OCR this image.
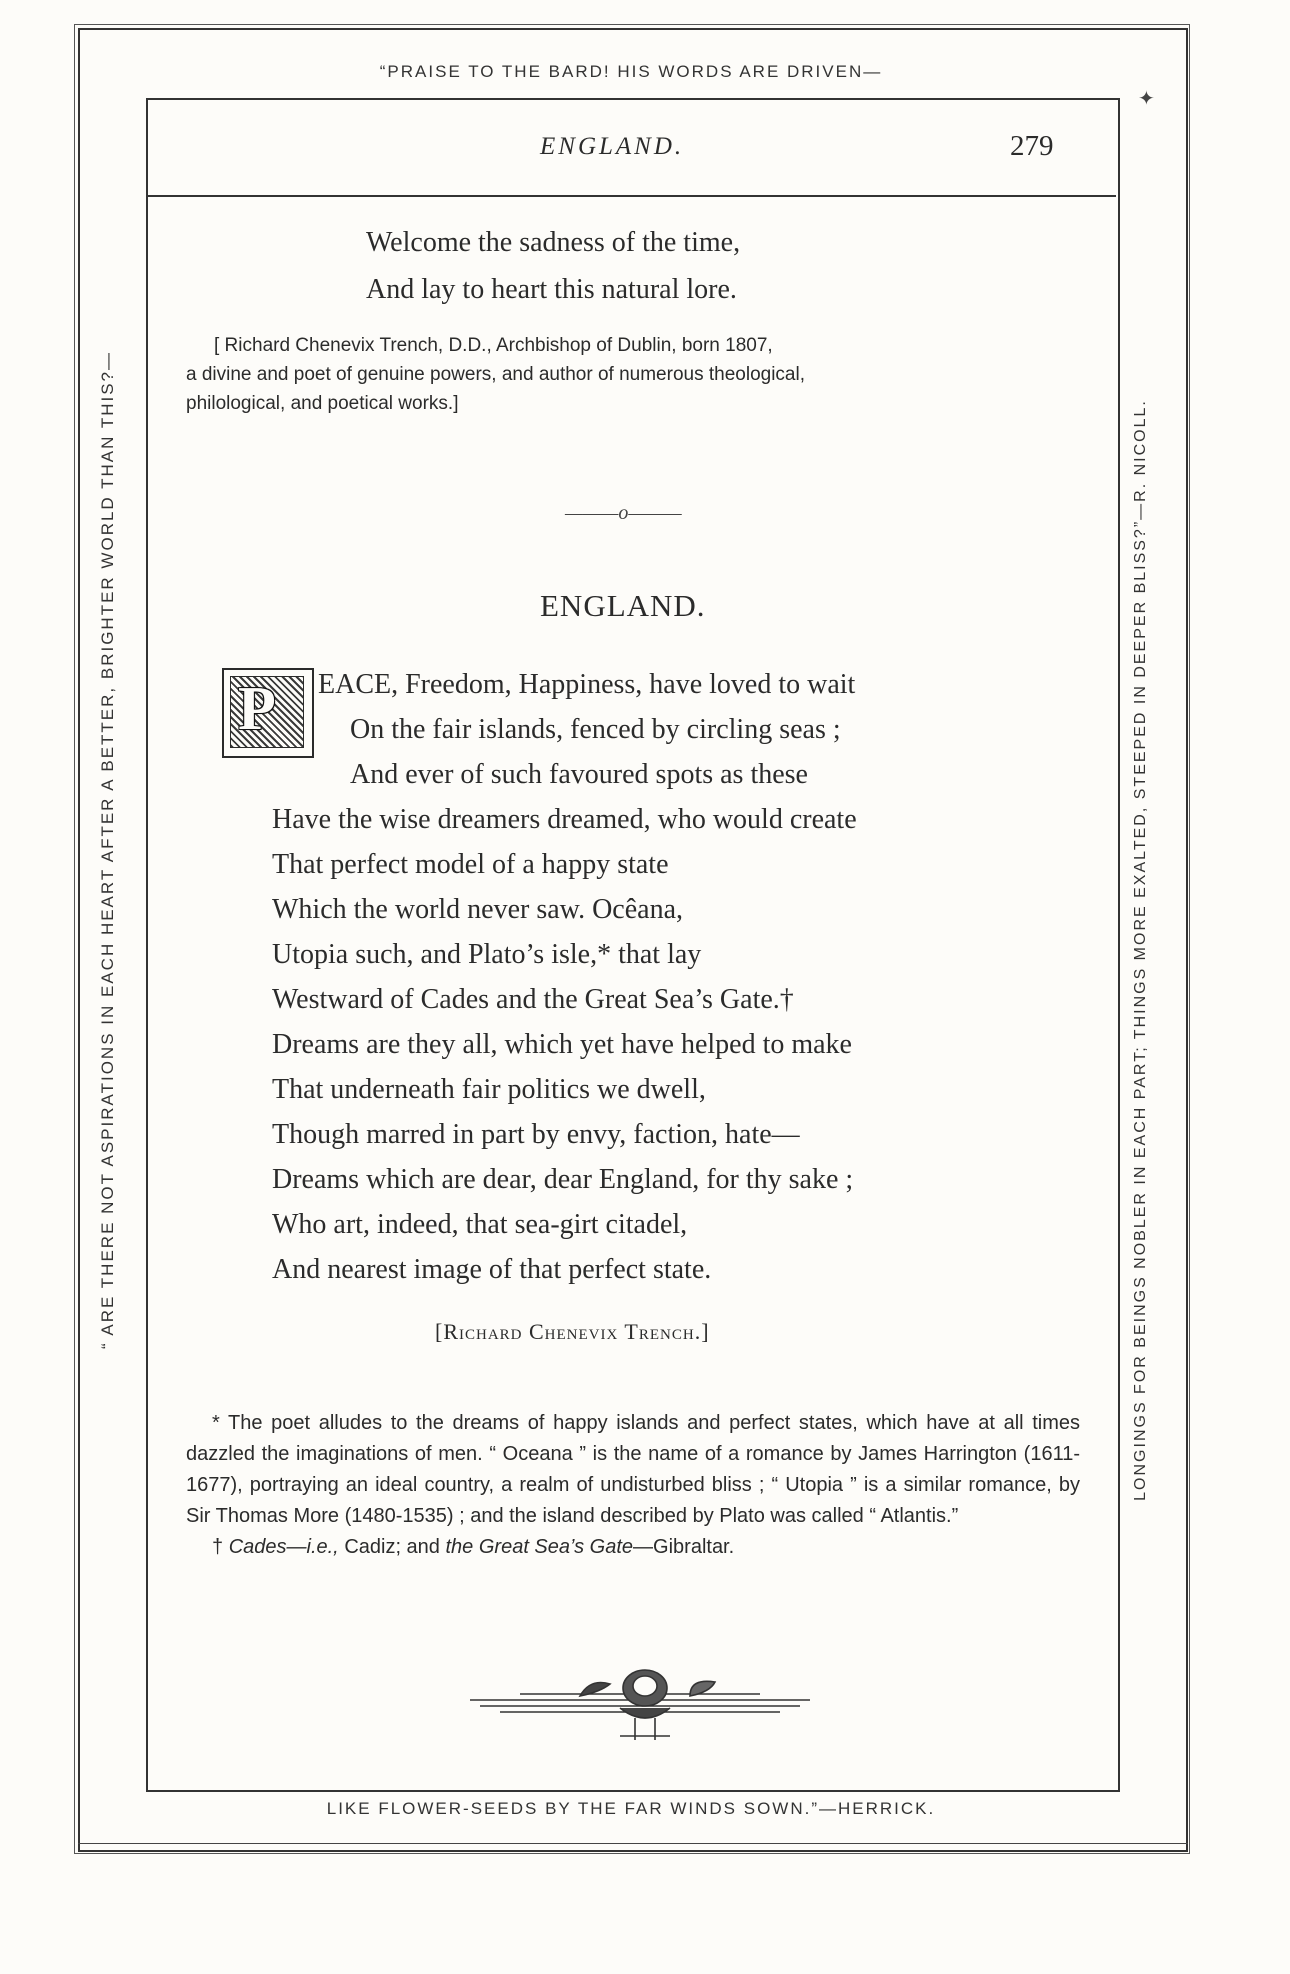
“PRAISE TO THE BARD! HIS WORDS ARE DRIVEN—
LIKE FLOWER-SEEDS BY THE FAR WINDS SOWN.”—HERRICK.
“ ARE THERE NOT ASPIRATIONS IN EACH HEART AFTER A BETTER, BRIGHTER WORLD THAN THIS?—	LONGINGS FOR BEINGS NOBLER IN EACH PART; THINGS MORE EXALTED, STEEPED IN DEEPER BLISS?”—R. NICOLL.
✦
ENGLAND.	279
Welcome the sadness of the time,
And lay to heart this natural lore.
[ Richard Chenevix Trench, D.D., Archbishop of Dublin, born 1807,
a divine and poet of genuine powers, and author of numerous theological,
philological, and poetical works.]
———o———
ENGLAND.
P EACE, Freedom, Happiness, have loved to wait
On the fair islands, fenced by circling seas ;
And ever of such favoured spots as these
Have the wise dreamers dreamed, who would create
That perfect model of a happy state
Which the world never saw. Ocêana,
Utopia such, and Plato’s isle,* that lay
Westward of Cades and the Great Sea’s Gate.†
Dreams are they all, which yet have helped to make
That underneath fair politics we dwell,
Though marred in part by envy, faction, hate—
Dreams which are dear, dear England, for thy sake ;
Who art, indeed, that sea-girt citadel,
And nearest image of that perfect state.
[Richard Chenevix Trench.]
* The poet alludes to the dreams of happy islands and perfect states, which have at all times dazzled the imaginations of men. “ Oceana ” is the name of a romance by James Harrington (1611-1677), portraying an ideal country, a realm of undisturbed bliss ; “ Utopia ” is a similar romance, by Sir Thomas More (1480-1535) ; and the island described by Plato was called “ Atlantis.”
† Cades—i.e., Cadiz; and the Great Sea’s Gate—Gibraltar.
